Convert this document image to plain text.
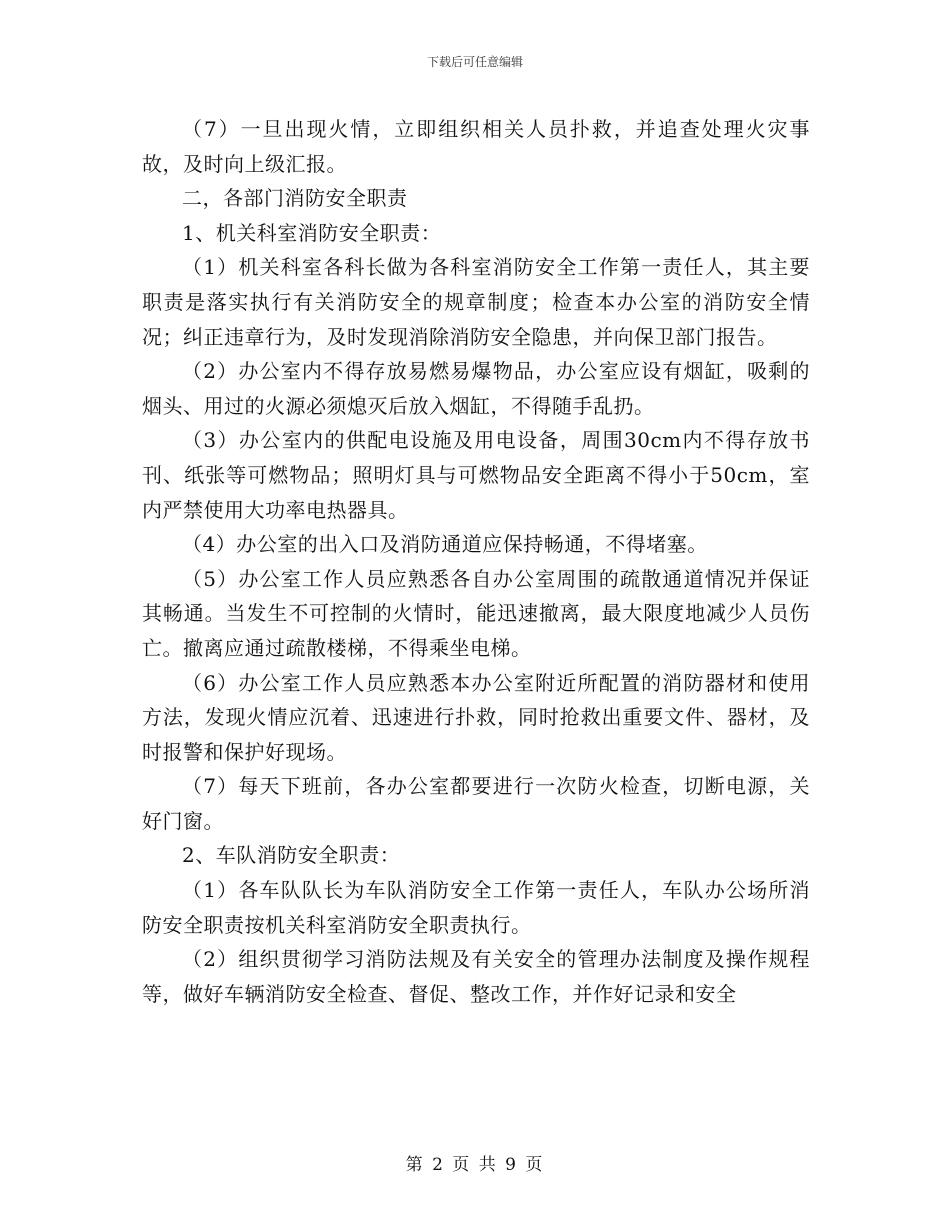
下载后可任意编辑

（7）一旦出现火情，立即组织相关人员扑救，并追查处理火灾事故，及时向上级汇报。

二，各部门消防安全职责

1、机关科室消防安全职责：

（1）机关科室各科长做为各科室消防安全工作第一责任人，其主要职责是落实执行有关消防安全的规章制度；检查本办公室的消防安全情况；纠正违章行为，及时发现消除消防安全隐患，并向保卫部门报告。

（2）办公室内不得存放易燃易爆物品，办公室应设有烟缸，吸剩的烟头、用过的火源必须熄灭后放入烟缸，不得随手乱扔。

（3）办公室内的供配电设施及用电设备，周围30cm内不得存放书刊、纸张等可燃物品；照明灯具与可燃物品安全距离不得小于50cm，室内严禁使用大功率电热器具。

（4）办公室的出入口及消防通道应保持畅通，不得堵塞。

（5）办公室工作人员应熟悉各自办公室周围的疏散通道情况并保证其畅通。当发生不可控制的火情时，能迅速撤离，最大限度地减少人员伤亡。撤离应通过疏散楼梯，不得乘坐电梯。

（6）办公室工作人员应熟悉本办公室附近所配置的消防器材和使用方法，发现火情应沉着、迅速进行扑救，同时抢救出重要文件、器材，及时报警和保护好现场。

（7）每天下班前，各办公室都要进行一次防火检查，切断电源，关好门窗。

2、车队消防安全职责：

（1）各车队队长为车队消防安全工作第一责任人，车队办公场所消防安全职责按机关科室消防安全职责执行。

（2）组织贯彻学习消防法规及有关安全的管理办法制度及操作规程等，做好车辆消防安全检查、督促、整改工作，并作好记录和安全

第 2 页 共 9 页
